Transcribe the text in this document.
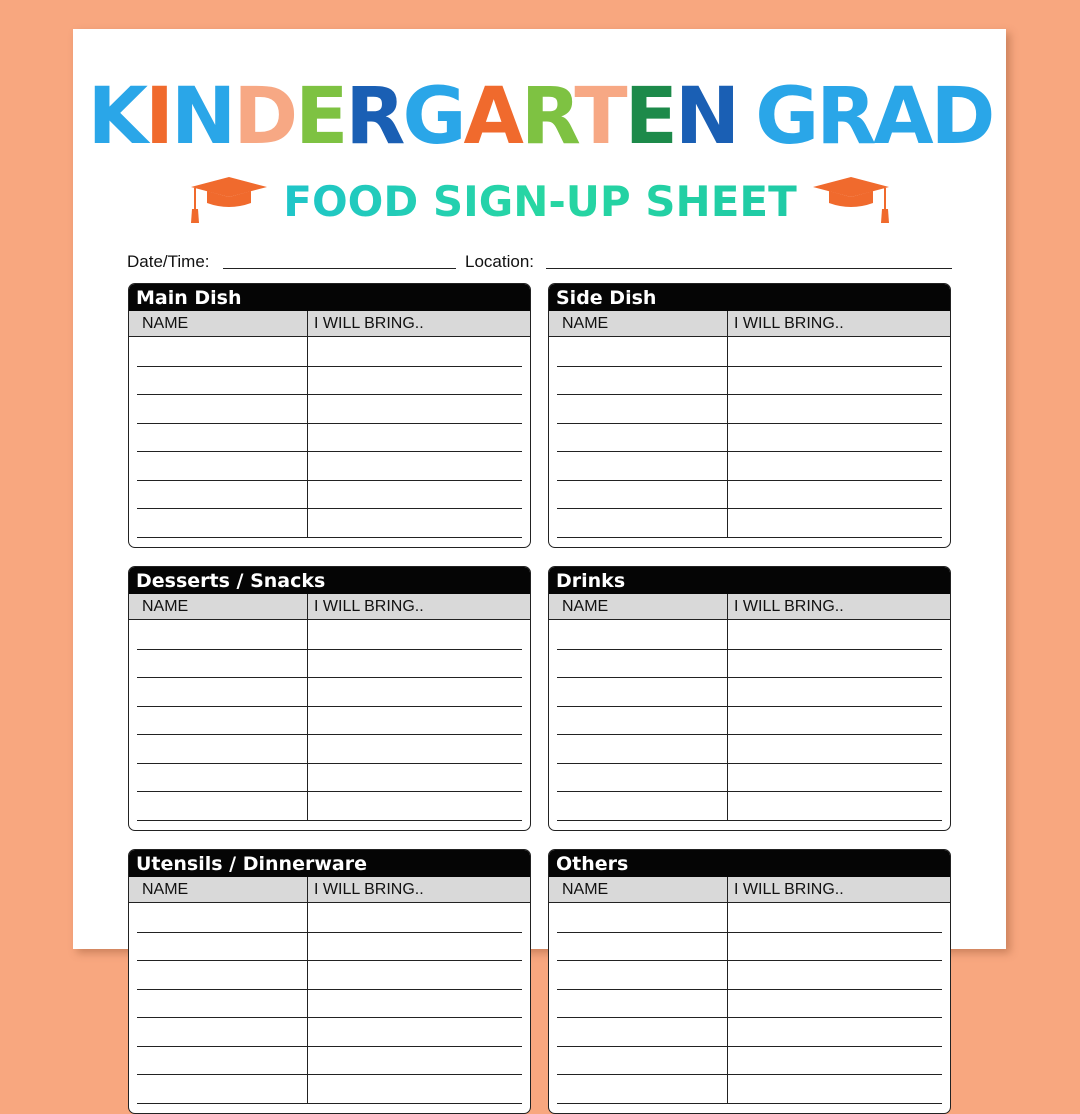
KINDERGARTEN GRAD
FOOD SIGN-UP SHEET
Date/Time:	Location:
Main Dish
NAME	I WILL BRING..
Side Dish
NAME	I WILL BRING..
Desserts / Snacks
NAME	I WILL BRING..
Drinks
NAME	I WILL BRING..
Utensils / Dinnerware
NAME	I WILL BRING..
Others
NAME	I WILL BRING..
